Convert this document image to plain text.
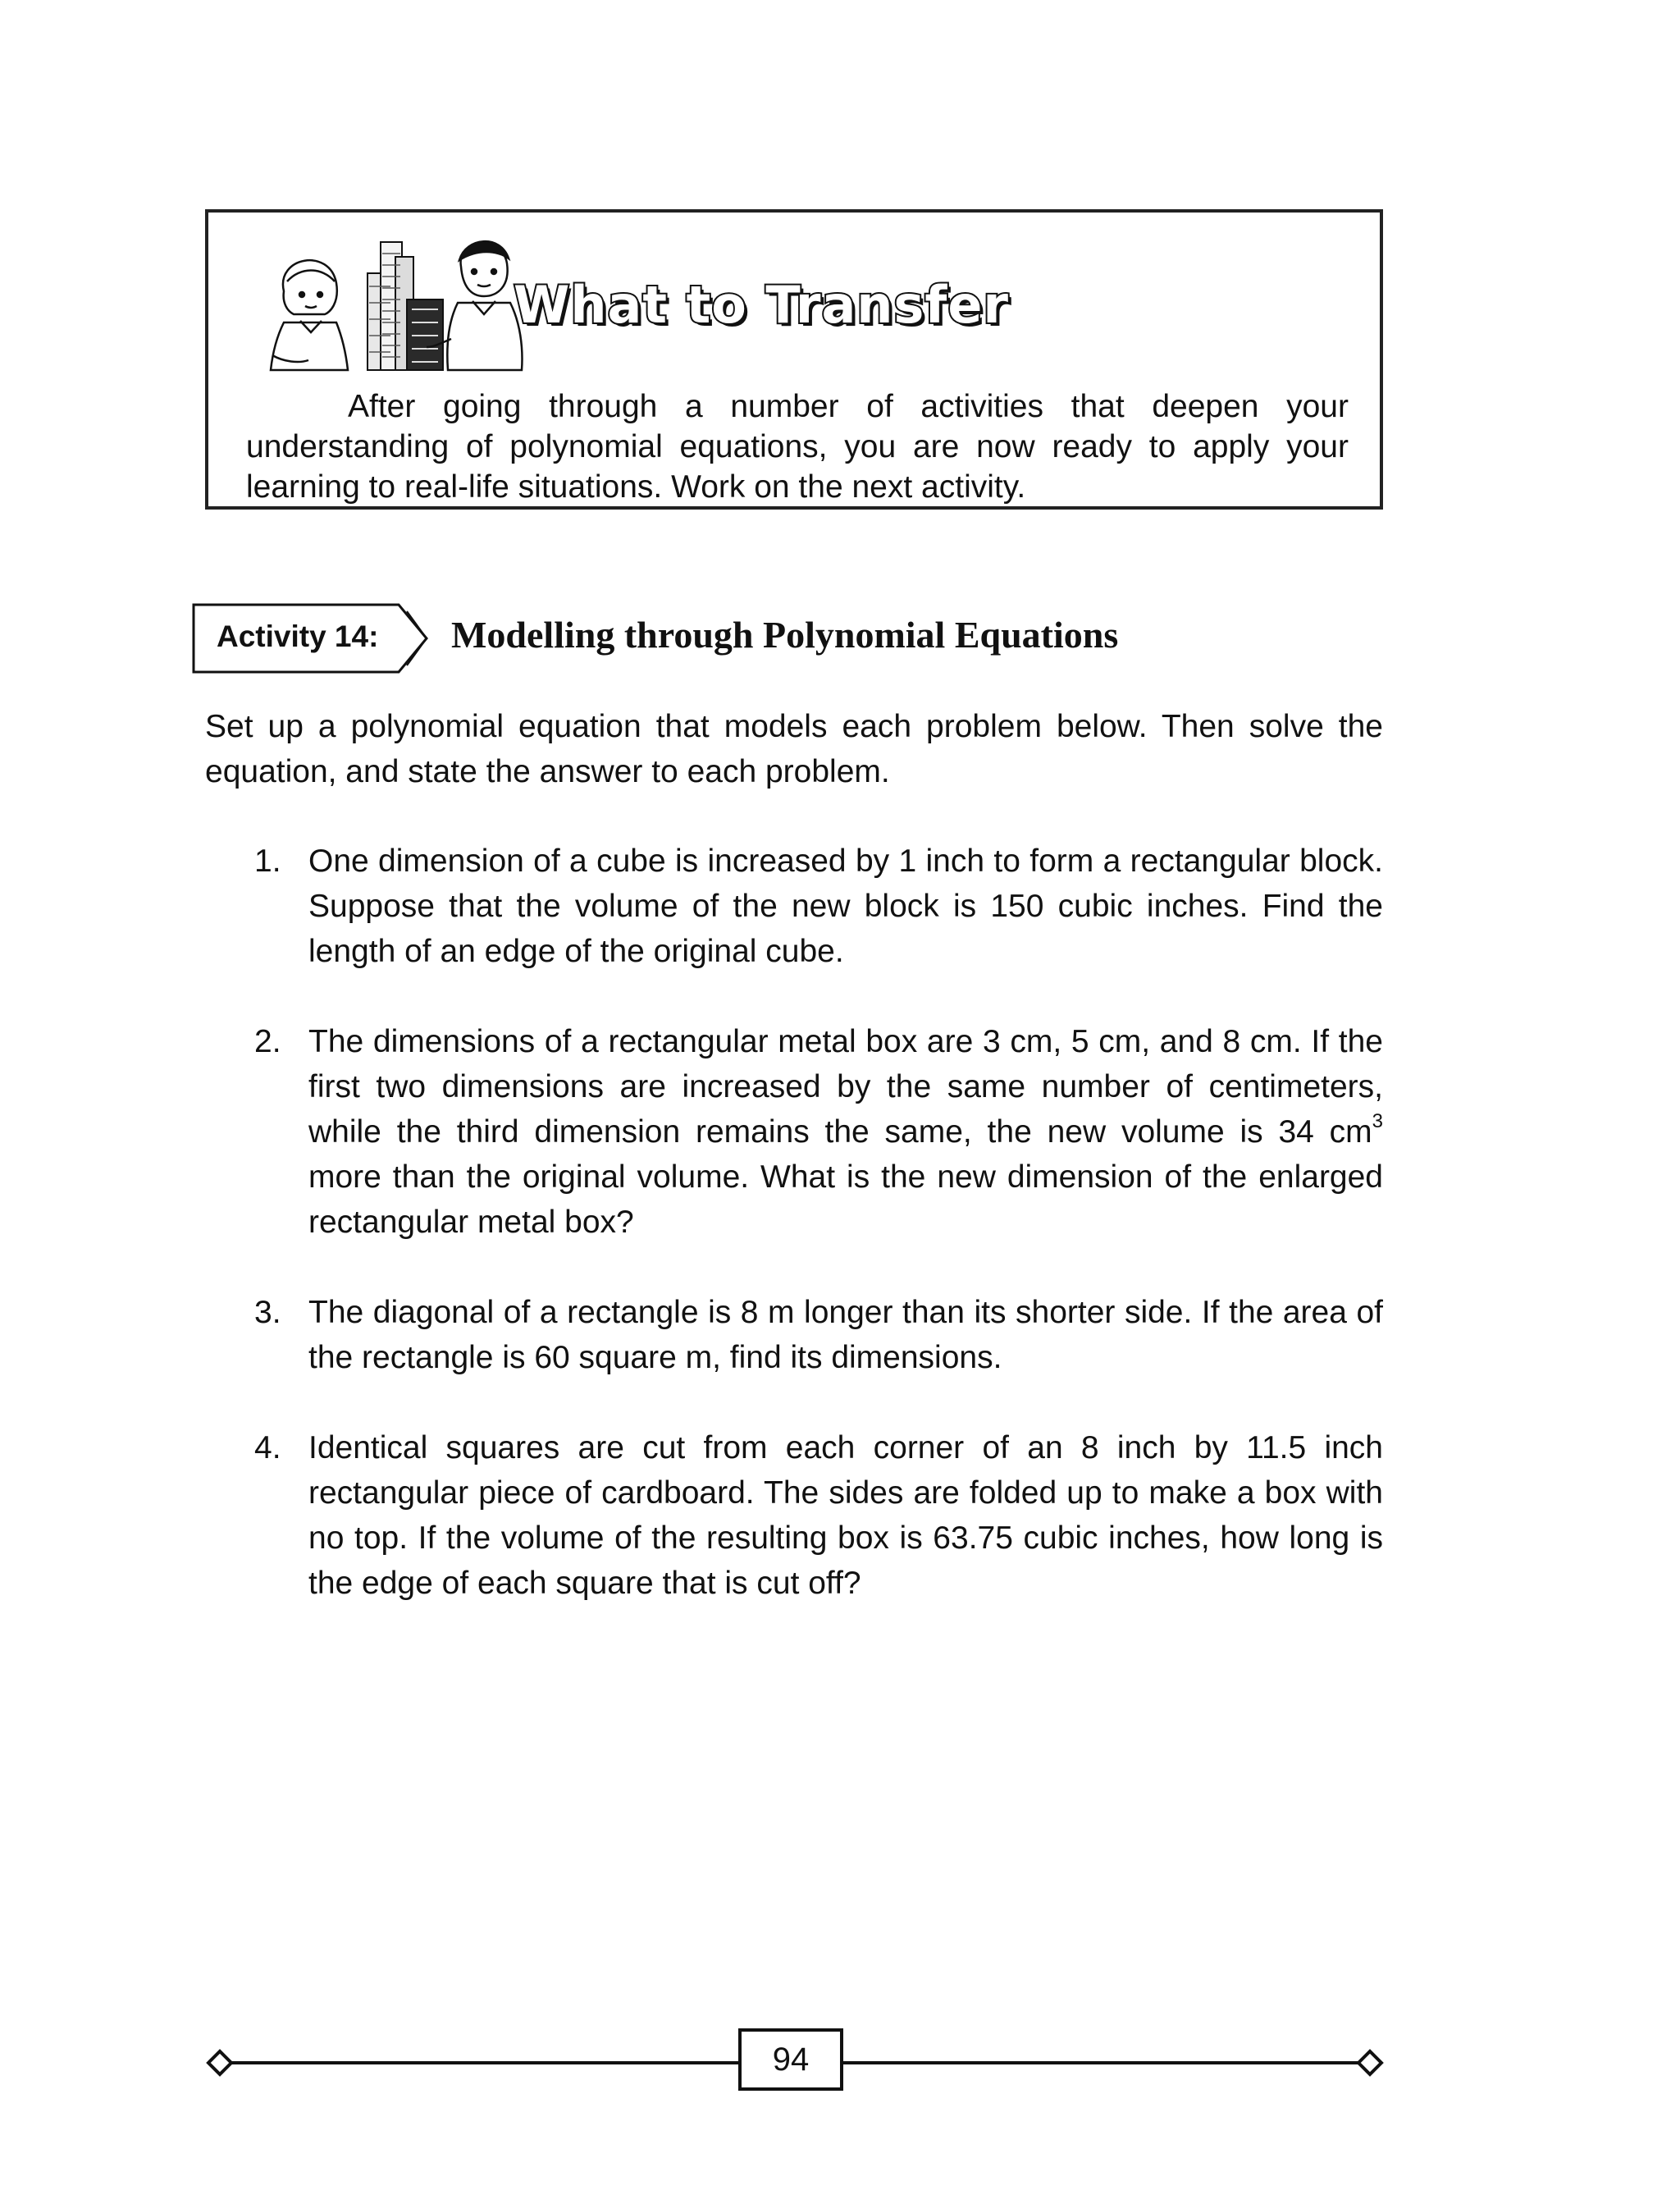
What to Transfer

After going through a number of activities that deepen your understanding of polynomial equations, you are now ready to apply your learning to real-life situations. Work on the next activity.

Activity 14: Modelling through Polynomial Equations

Set up a polynomial equation that models each problem below. Then solve the equation, and state the answer to each problem.

1. One dimension of a cube is increased by 1 inch to form a rectangular block. Suppose that the volume of the new block is 150 cubic inches. Find the length of an edge of the original cube.
2. The dimensions of a rectangular metal box are 3 cm, 5 cm, and 8 cm. If the first two dimensions are increased by the same number of centimeters, while the third dimension remains the same, the new volume is 34 $cm^3$ more than the original volume. What is the new dimension of the enlarged rectangular metal box?
3. The diagonal of a rectangle is 8 m longer than its shorter side. If the area of the rectangle is 60 square m, find its dimensions.
4. Identical squares are cut from each corner of an 8 inch by 11.5 inch rectangular piece of cardboard. The sides are folded up to make a box with no top. If the volume of the resulting box is 63.75 cubic inches, how long is the edge of each square that is cut off?
94
